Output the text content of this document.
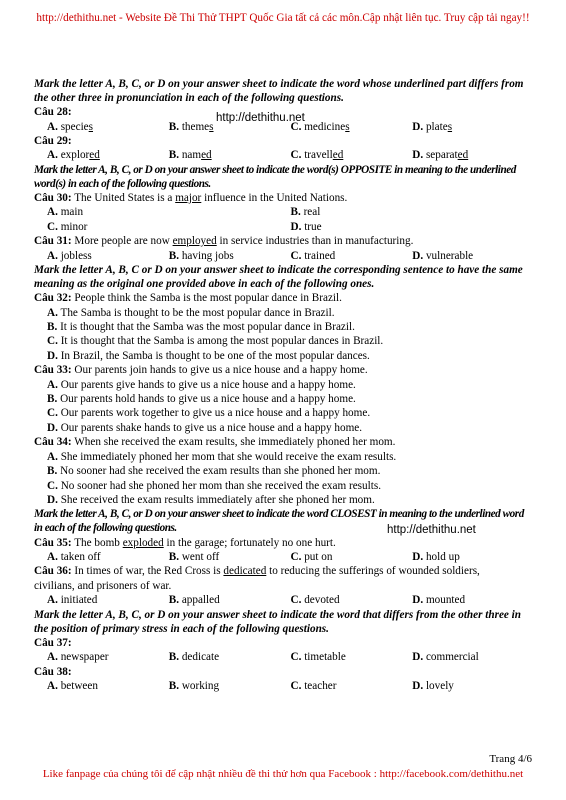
http://dethithu.net - Website Đề Thi Thử THPT Quốc Gia tất cả các môn.Cập nhật liên tục. Truy cập tải ngay!!
http://dethithu.net
http://dethithu.net
Mark the letter A, B, C, or D on your answer sheet to indicate the word whose underlined part differs from the other three in pronunciation in each of the following questions.
Câu 28:
A. species	B. themes	C. medicines	D. plates
Câu 29:
A. explored	B. named	C. travelled	D. separated
Mark the letter A, B, C, or D on your answer sheet to indicate the word(s) OPPOSITE in meaning to the underlined word(s) in each of the following questions.
Câu 30: The United States is a major influence in the United Nations.
A. main	B. real
C. minor	D. true
Câu 31: More people are now employed in service industries than in manufacturing.
A. jobless	B. having jobs	C. trained	D. vulnerable
Mark the letter A, B, C or D on your answer sheet to indicate the corresponding sentence to have the same meaning as the original one provided above in each of the following ones.
Câu 32: People think the Samba is the most popular dance in Brazil.
A. The Samba is thought to be the most popular dance in Brazil.
B. It is thought that the Samba was the most popular dance in Brazil.
C. It is thought that the Samba is among the most popular dances in Brazil.
D. In Brazil, the Samba is thought to be one of the most popular dances.
Câu 33: Our parents join hands to give us a nice house and a happy home.
A. Our parents give hands to give us a nice house and a happy home.
B. Our parents hold hands to give us a nice house and a happy home.
C. Our parents work together to give us a nice house and a happy home.
D. Our parents shake hands to give us a nice house and a happy home.
Câu 34: When she received the exam results, she immediately phoned her mom.
A. She immediately phoned her mom that she would receive the exam results.
B. No sooner had she received the exam results than she phoned her mom.
C. No sooner had she phoned her mom than she received the exam results.
D. She received the exam results immediately after she phoned her mom.
Mark the letter A, B, C, or D on your answer sheet to indicate the word CLOSEST in meaning to the underlined word in each of the following questions.
Câu 35: The bomb exploded in the garage; fortunately no one hurt.
A. taken off	B. went off	C. put on	D. hold up
Câu 36: In times of war, the Red Cross is dedicated to reducing the sufferings of wounded soldiers,
civilians, and prisoners of war.
A. initiated	B. appalled	C. devoted	D. mounted
Mark the letter A, B, C, or D on your answer sheet to indicate the word that differs from the other three in the position of primary stress in each of the following questions.
Câu 37:
A. newspaper	B. dedicate	C. timetable	D. commercial
Câu 38:
A. between	B. working	C. teacher	D. lovely
Trang 4/6
Like fanpage của chúng tôi để cập nhật nhiều đề thi thử hơn qua Facebook : http://facebook.com/dethithu.net
